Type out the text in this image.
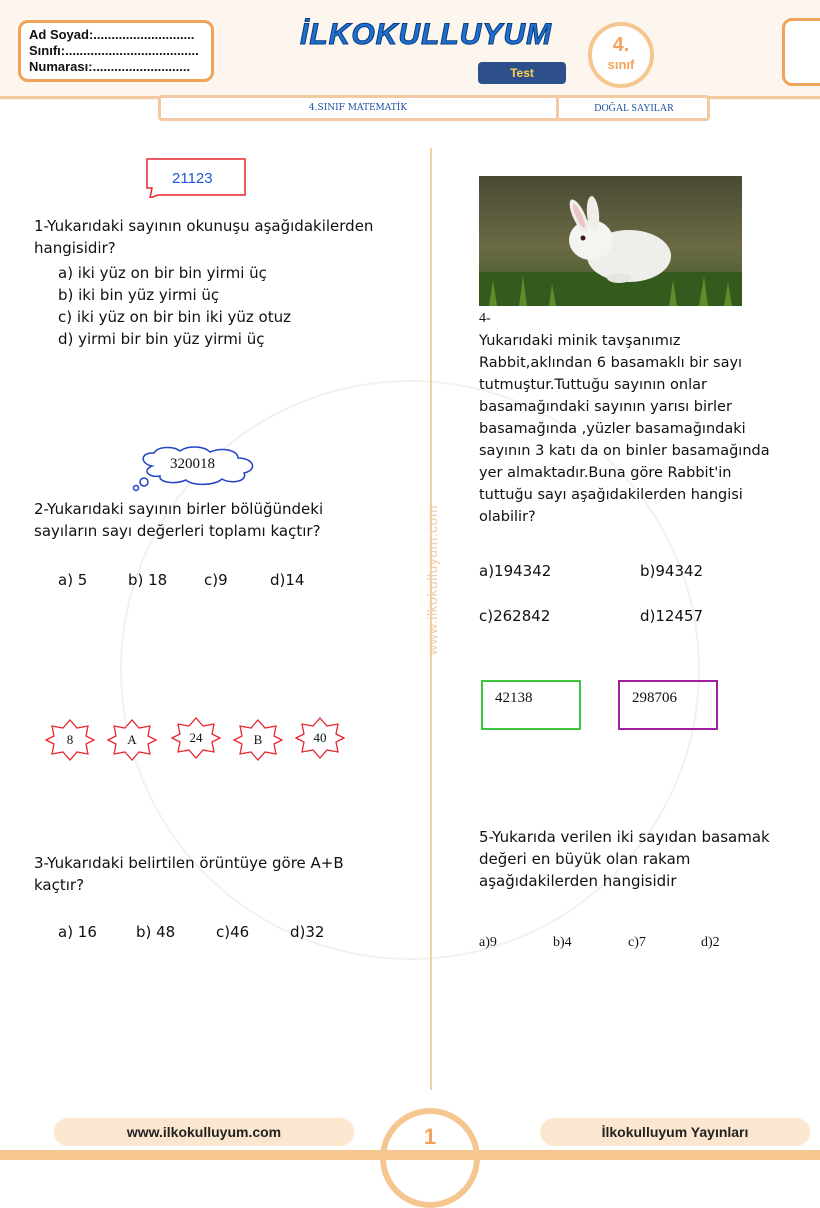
Ad Soyad:............................
Sınıfı:.....................................
Numarası:...........................
İLKOKULLUYUM
Test
4.
sınıf
4.SINIF MATEMATİK	DOĞAL SAYILAR
www.ilkokulluyum.com
21123
1-Yukarıdaki sayının okunuşu aşağıdakilerden hangisidir?
a) iki yüz on bir bin yirmi üç
b) iki bin yüz yirmi üç
c) iki yüz on bir bin iki yüz otuz
d) yirmi bir bin yüz yirmi üç
320018
2-Yukarıdaki sayının birler bölüğündeki sayıların sayı değerleri toplamı kaçtır?
a) 5	b) 18 c)9	d)14
8	A	24	B	40
3-Yukarıdaki belirtilen örüntüye göre A+B kaçtır?
a) 16	b) 48	c)46	d)32
4-
Yukarıdaki minik tavşanımız Rabbit,aklından 6 basamaklı bir sayı tutmuştur.Tuttuğu sayının onlar basamağındaki sayının yarısı birler basamağında ,yüzler basamağındaki sayının 3 katı da on binler basamağında yer almaktadır.Buna göre Rabbit'in tuttuğu sayı aşağıdakilerden hangisi olabilir?
a)194342	b)94342
c)262842	d)12457
42138	298706
5-Yukarıda verilen iki sayıdan basamak değeri en büyük olan rakam aşağıdakilerden hangisidir
a)9	b)4	c)7	d)2
www.ilkokulluyum.com	İlkokulluyum Yayınları
1
